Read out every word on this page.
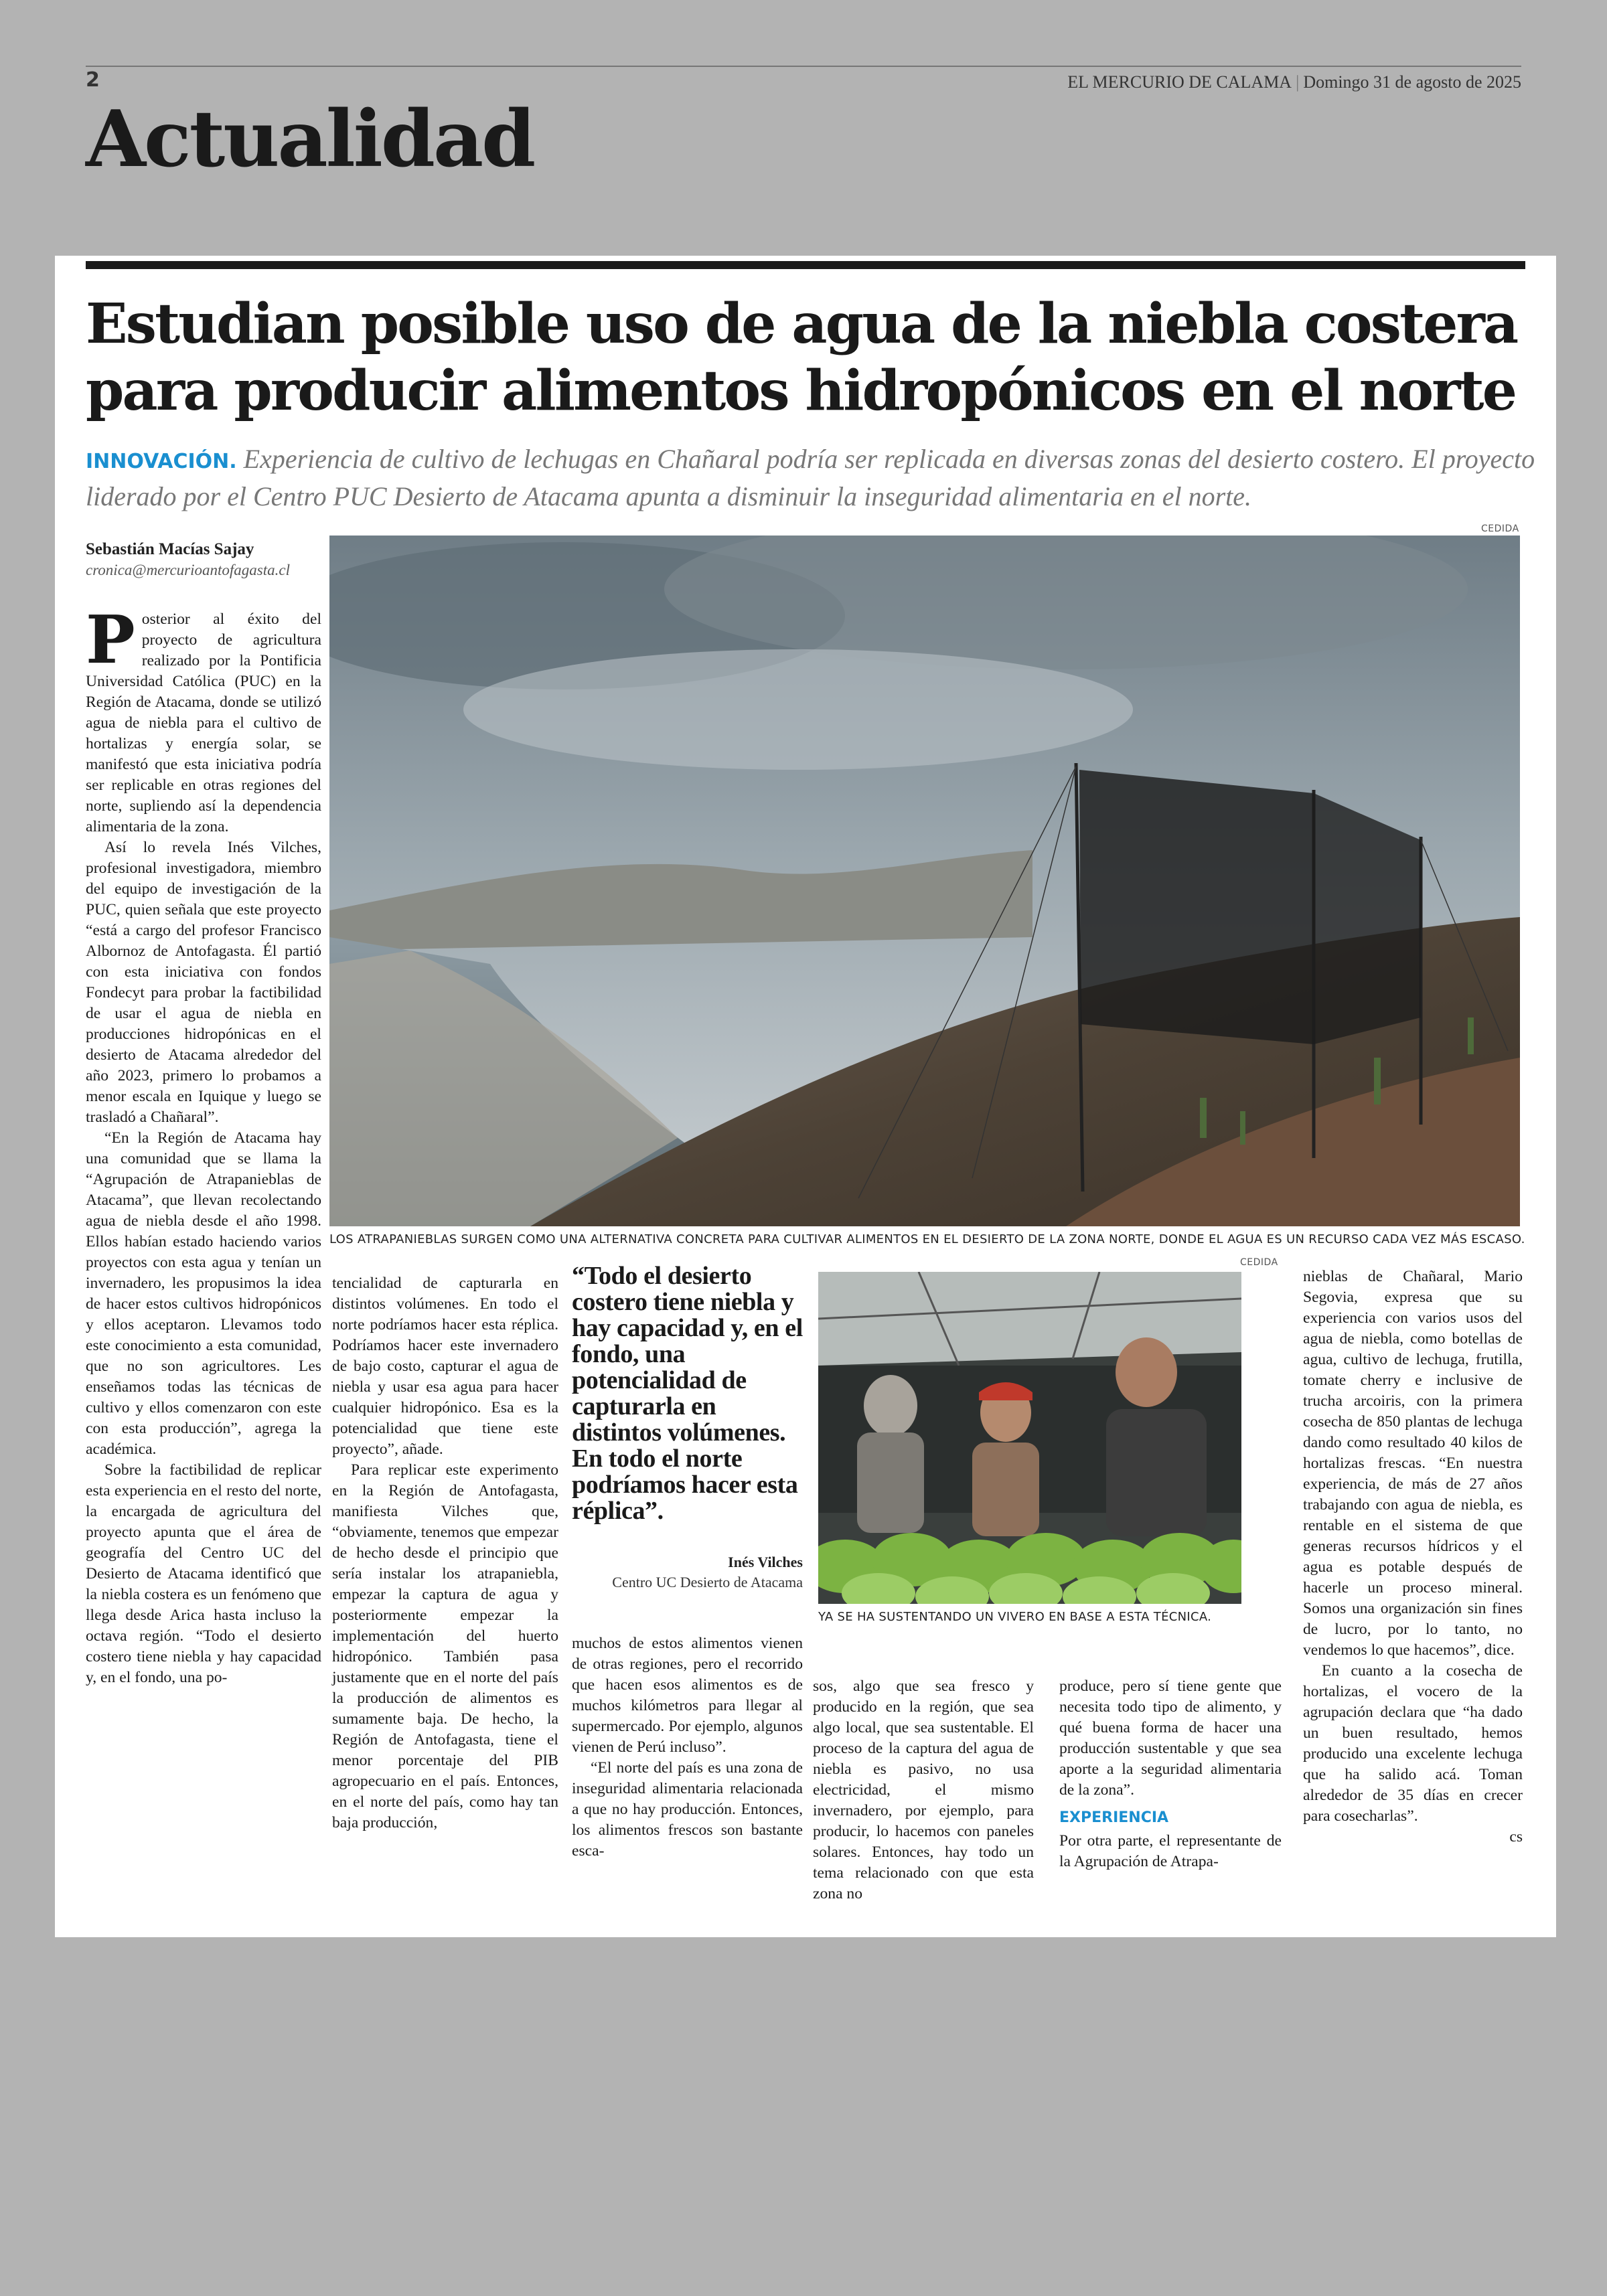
2	EL MERCURIO DE CALAMA | Domingo 31 de agosto de 2025
Actualidad
Estudian posible uso de agua de la niebla costera para producir alimentos hidropónicos en el norte
INNOVACIÓN. Experiencia de cultivo de lechugas en Chañaral podría ser replicada en diversas zonas del desierto costero. El proyecto liderado por el Centro PUC Desierto de Atacama apunta a disminuir la inseguridad alimentaria en el norte.
Sebastián Macías Sajay
cronica@mercurioantofagasta.cl
CEDIDA
LOS ATRAPANIEBLAS SURGEN COMO UNA ALTERNATIVA CONCRETA PARA CULTIVAR ALIMENTOS EN EL DESIERTO DE LA ZONA NORTE, DONDE EL AGUA ES UN RECURSO CADA VEZ MÁS ESCASO.
CEDIDA
YA SE HA SUSTENTANDO UN VIVERO EN BASE A ESTA TÉCNICA.

Posterior al éxito del proyecto de agricultura realizado por la Pontificia Universidad Católica (PUC) en la Región de Atacama, donde se utilizó agua de niebla para el cultivo de hortalizas y energía solar, se manifestó que esta iniciativa podría ser replicable en otras regiones del norte, supliendo así la dependencia alimentaria de la zona.

Así lo revela Inés Vilches, profesional investigadora, miembro del equipo de investigación de la PUC, quien señala que este proyecto “está a cargo del profesor Francisco Albornoz de Antofagasta. Él partió con esta iniciativa con fondos Fondecyt para probar la factibilidad de usar el agua de niebla en producciones hidropónicas en el desierto de Atacama alrededor del año 2023, primero lo probamos a menor escala en Iquique y luego se trasladó a Chañaral”.

“En la Región de Atacama hay una comunidad que se llama la “Agrupación de Atrapanieblas de Atacama”, que llevan recolectando agua de niebla desde el año 1998. Ellos habían estado haciendo varios proyectos con esta agua y tenían un invernadero, les propusimos la idea de hacer estos cultivos hidropónicos y ellos aceptaron. Llevamos todo este conocimiento a esta comunidad, que no son agricultores. Les enseñamos todas las técnicas de cultivo y ellos comenzaron con este con esta producción”, agrega la académica.

Sobre la factibilidad de replicar esta experiencia en el resto del norte, la encargada de agricultura del proyecto apunta que el área de geografía del Centro UC del Desierto de Atacama identificó que la niebla costera es un fenómeno que llega desde Arica hasta incluso la octava región. “Todo el desierto costero tiene niebla y hay capacidad y, en el fondo, una po-

tencialidad de capturarla en distintos volúmenes. En todo el norte podríamos hacer esta réplica. Podríamos hacer este invernadero de bajo costo, capturar el agua de niebla y usar esa agua para hacer cualquier hidropónico. Esa es la potencialidad que tiene este proyecto”, añade.

Para replicar este experimento en la Región de Antofagasta, manifiesta Vilches que, “obviamente, tenemos que empezar de hecho desde el principio que sería instalar los atrapaniebla, empezar la captura de agua y posteriormente empezar la implementación del huerto hidropónico. También pasa justamente que en el norte del país la producción de alimentos es sumamente baja. De hecho, la Región de Antofagasta, tiene el menor porcentaje del PIB agropecuario en el país. Entonces, en el norte del país, como hay tan baja producción,

“Todo el desierto costero tiene niebla y hay capacidad y, en el fondo, una potencialidad de capturarla en distintos volúmenes. En todo el norte podríamos hacer esta réplica”.
Inés Vilches
Centro UC Desierto de Atacama

muchos de estos alimentos vienen de otras regiones, pero el recorrido que hacen esos alimentos es de muchos kilómetros para llegar al supermercado. Por ejemplo, algunos vienen de Perú incluso”.

“El norte del país es una zona de inseguridad alimentaria relacionada a que no hay producción. Entonces, los alimentos frescos son bastante esca-

sos, algo que sea fresco y producido en la región, que sea algo local, que sea sustentable. El proceso de la captura del agua de niebla es pasivo, no usa electricidad, el mismo invernadero, por ejemplo, para producir, lo hacemos con paneles solares. Entonces, hay todo un tema relacionado con que esta zona no

produce, pero sí tiene gente que necesita todo tipo de alimento, y qué buena forma de hacer una producción sustentable y que sea aporte a la seguridad alimentaria de la zona”.

EXPERIENCIA

Por otra parte, el representante de la Agrupación de Atrapa-

nieblas de Chañaral, Mario Segovia, expresa que su experiencia con varios usos del agua de niebla, como botellas de agua, cultivo de lechuga, frutilla, tomate cherry e inclusive de trucha arcoiris, con la primera cosecha de 850 plantas de lechuga dando como resultado 40 kilos de hortalizas frescas. “En nuestra experiencia, de más de 27 años trabajando con agua de niebla, es rentable en el sistema de que generas recursos hídricos y el agua es potable después de hacerle un proceso mineral. Somos una organización sin fines de lucro, por lo tanto, no vendemos lo que hacemos”, dice.

En cuanto a la cosecha de hortalizas, el vocero de la agrupación declara que “ha dado un buen resultado, hemos producido una excelente lechuga que ha salido acá. Toman alrededor de 35 días en crecer para cosecharlas”.

cs
